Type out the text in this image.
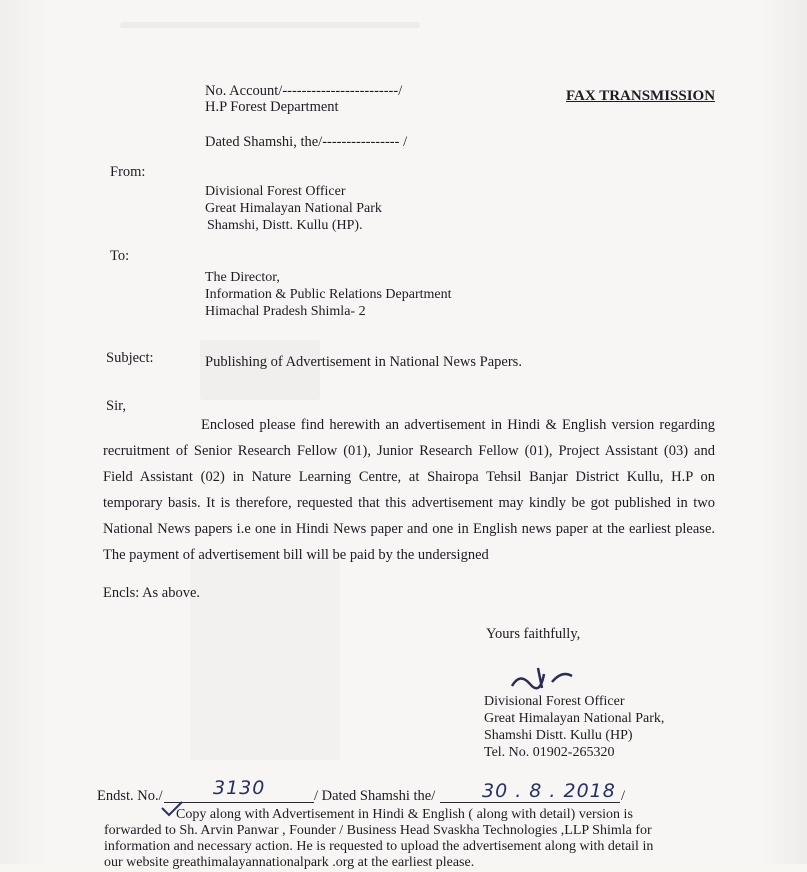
No. Account/------------------------/
H.P Forest Department
FAX TRANSMISSION
Dated Shamshi, the/---------------- /
From:
Divisional Forest Officer
Great Himalayan National Park
Shamshi, Distt. Kullu (HP).
To:
The Director,
Information & Public Relations Department
Himachal Pradesh Shimla- 2
Subject:	Publishing of Advertisement in National News Papers.
Sir,

Enclosed please find herewith an advertisement in Hindi & English version regarding recruitment of Senior Research Fellow (01), Junior Research Fellow (01), Project Assistant (03) and Field Assistant (02) in Nature Learning Centre, at Shairopa Tehsil Banjar District Kullu, H.P on temporary basis. It is therefore, requested that this advertisement may kindly be got published in two National News papers i.e one in Hindi News paper and one in English news paper at the earliest please. The payment of advertisement bill will be paid by the undersigned

Encls: As above.
Yours faithfully,
Divisional Forest Officer
Great Himalayan National Park,
Shamshi Distt. Kullu (HP)
Tel. No. 01902-265320
Endst. No./	3130	/ Dated Shamshi the/ 30 . 8 . 2018 /
Copy along with Advertisement in Hindi & English ( along with detail) version is
forwarded to Sh. Arvin Panwar , Founder / Business Head Svaskha Technologies ,LLP Shimla for
information and necessary action. He is requested to upload the advertisement along with detail in
our website greathimalayannationalpark .org at the earliest please.
